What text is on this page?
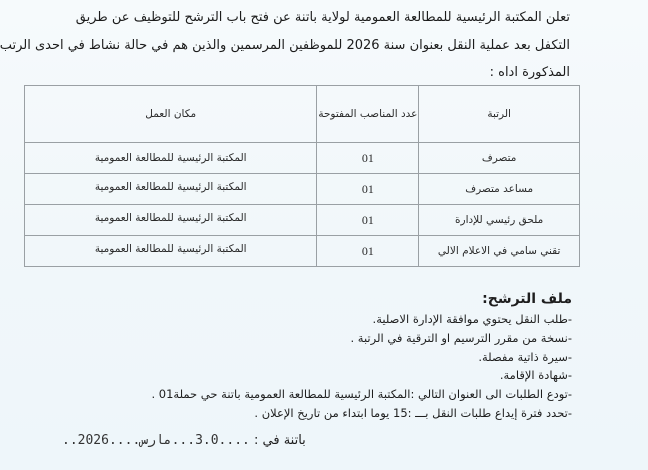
تعلن المكتبة الرئيسية للمطالعة العمومية لولاية باتنة عن فتح باب الترشح للتوظيف عن طريق
التكفل بعد عملية النقل بعنوان سنة 2026 للموظفين المرسمين والذين هم في حالة نشاط في احدى الرتب
المذكورة اداه :
الرتبة	عدد المناصب المفتوحة	مكان العمل
متصرف	01	المكتبة الرئيسية للمطالعة العمومية
مساعد متصرف	01	المكتبة الرئيسية للمطالعة العمومية
ملحق رئيسي للإدارة	01	المكتبة الرئيسية للمطالعة العمومية
تقني سامي في الاعلام الالي	01	المكتبة الرئيسية للمطالعة العمومية
ملف الترشح:
-طلب النقل يحتوي موافقة الإدارة الاصلية.
-نسخة من مقرر الترسيم او الترقية في الرتبة .
-سيرة ذاتية مفصلة.
-شهادة الإقامة.
-تودع الطلبات الى العنوان التالي :المكتبة الرئيسية للمطالعة العمومية باتنة حي حملة01 .
-تحدد فترة إيداع طلبات النقل بـــ :15 يوما ابتداء من تاريخ الإعلان .
باتنة في : ....3.0...مارس....2026..
